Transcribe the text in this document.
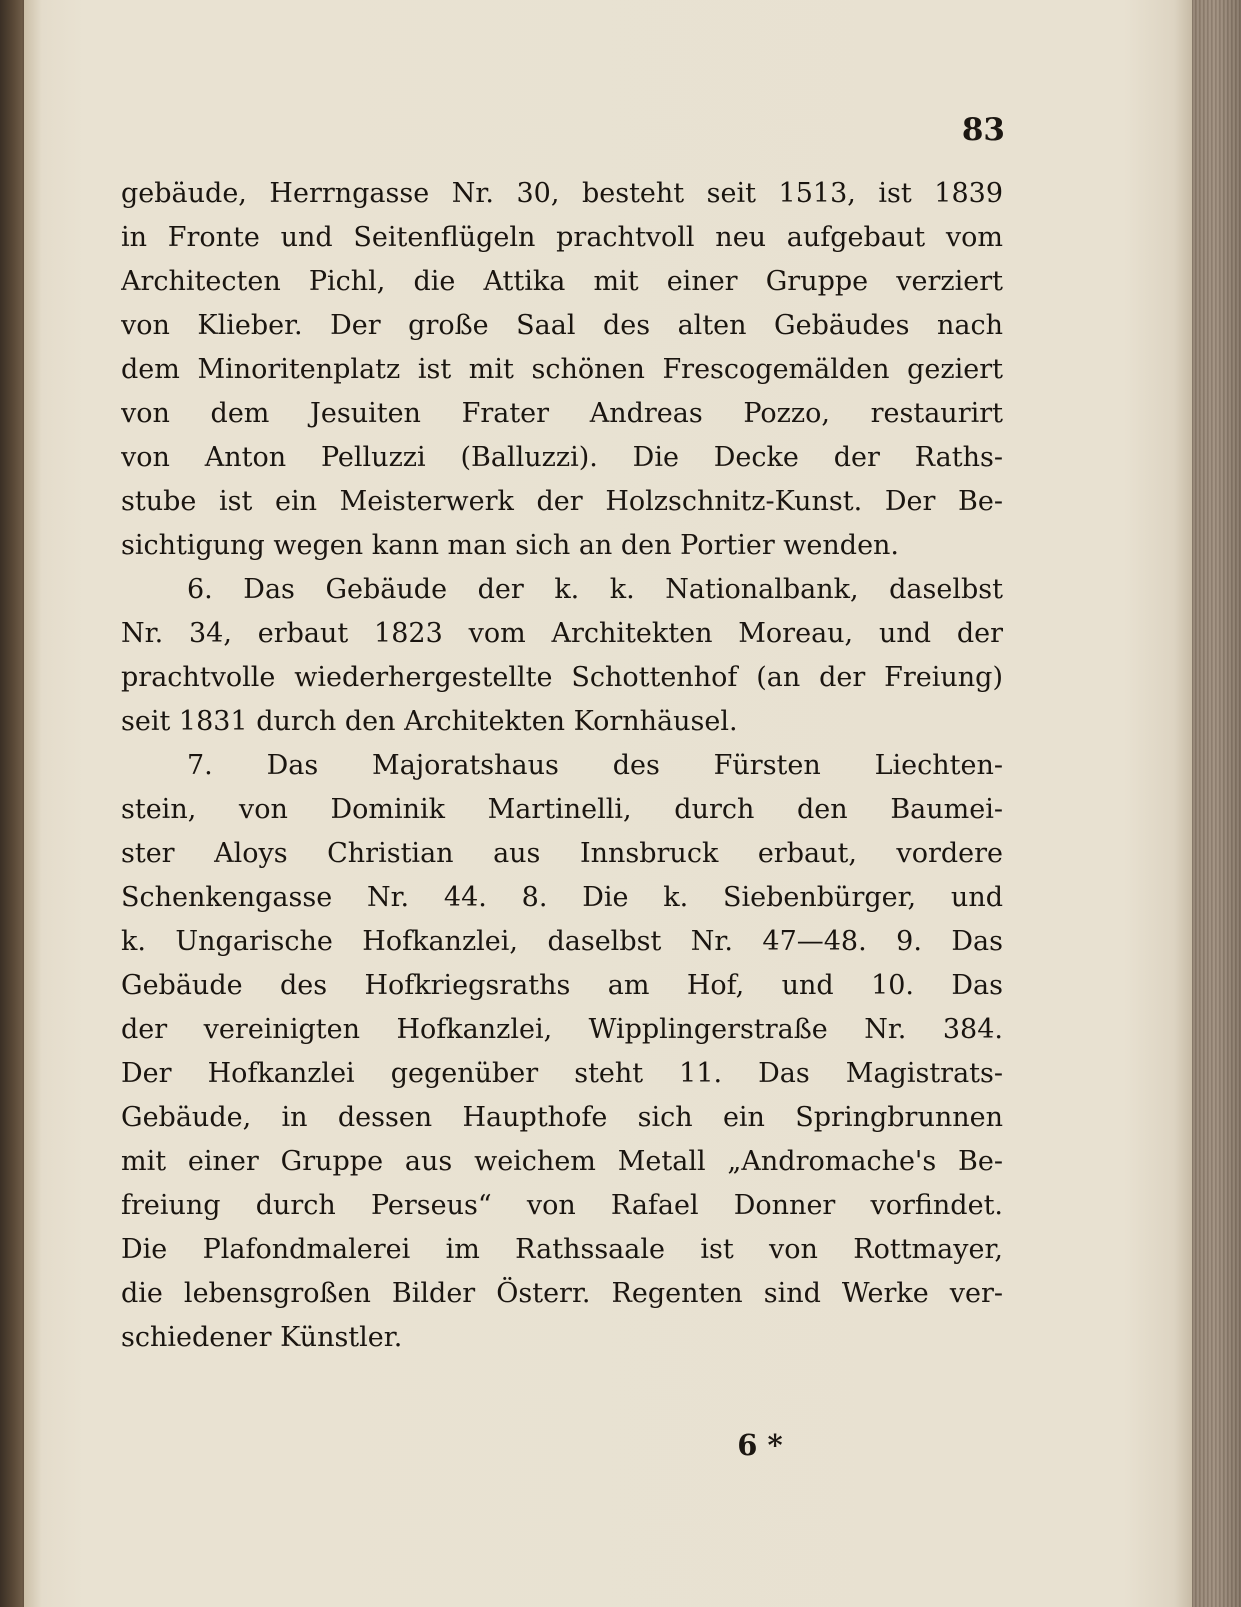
83
gebäude, Herrngasse Nr. 30, besteht seit 1513, ist 1839
in Fronte und Seitenflügeln prachtvoll neu aufgebaut vom
Architecten Pichl, die Attika mit einer Gruppe verziert
von Klieber. Der große Saal des alten Gebäudes nach
dem Minoritenplatz ist mit schönen Frescogemälden geziert
von dem Jesuiten Frater Andreas Pozzo, restaurirt
von Anton Pelluzzi (Balluzzi). Die Decke der Raths-
stube ist ein Meisterwerk der Holzschnitz-Kunst. Der Be-
sichtigung wegen kann man sich an den Portier wenden.
6. Das Gebäude der k. k. Nationalbank, daselbst
Nr. 34, erbaut 1823 vom Architekten Moreau, und der
prachtvolle wiederhergestellte Schottenhof (an der Freiung)
seit 1831 durch den Architekten Kornhäusel.
7. Das Majoratshaus des Fürsten Liechten-
stein, von Dominik Martinelli, durch den Baumei-
ster Aloys Christian aus Innsbruck erbaut, vordere
Schenkengasse Nr. 44. 8. Die k. Siebenbürger, und
k. Ungarische Hofkanzlei, daselbst Nr. 47—48. 9. Das
Gebäude des Hofkriegsraths am Hof, und 10. Das
der vereinigten Hofkanzlei, Wipplingerstraße Nr. 384.
Der Hofkanzlei gegenüber steht 11. Das Magistrats-
Gebäude, in dessen Haupthofe sich ein Springbrunnen
mit einer Gruppe aus weichem Metall „Andromache's Be-
freiung durch Perseus“ von Rafael Donner vorfindet.
Die Plafondmalerei im Rathssaale ist von Rottmayer,
die lebensgroßen Bilder Österr. Regenten sind Werke ver-
schiedener Künstler.
6 *
